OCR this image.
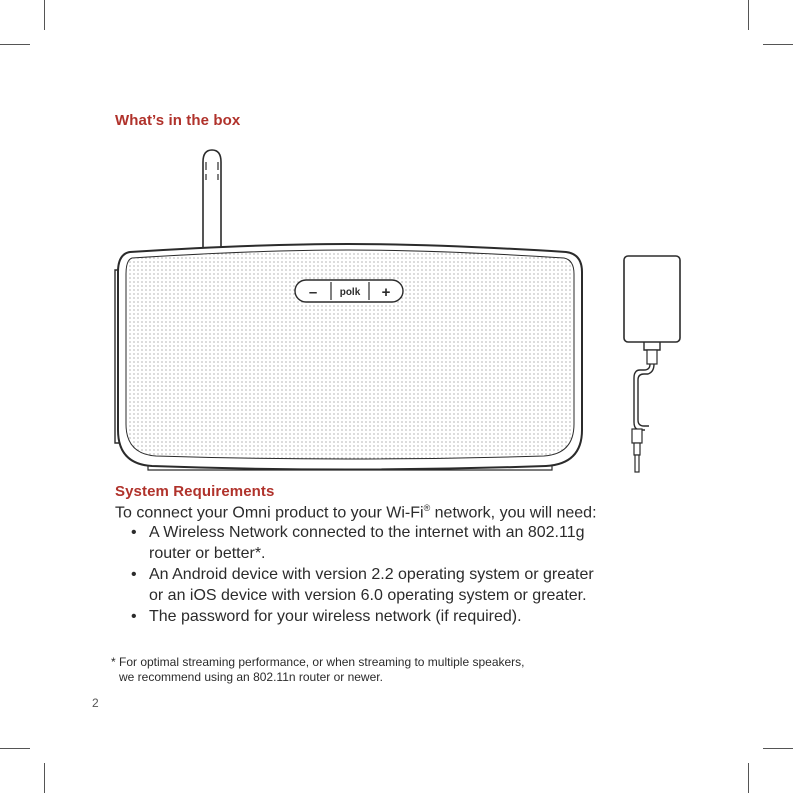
What’s in the box
– polk +
System Requirements

To connect your Omni product to your Wi-Fi® network, you will need:

• A Wireless Network connected to the internet with an 802.11g
router or better*.
• An Android device with version 2.2 operating system or greater
or an iOS device with version 6.0 operating system or greater.
• The password for your wireless network (if required).

* For optimal streaming performance, or when streaming to multiple speakers,
we recommend using an 802.11n router or newer.

2
